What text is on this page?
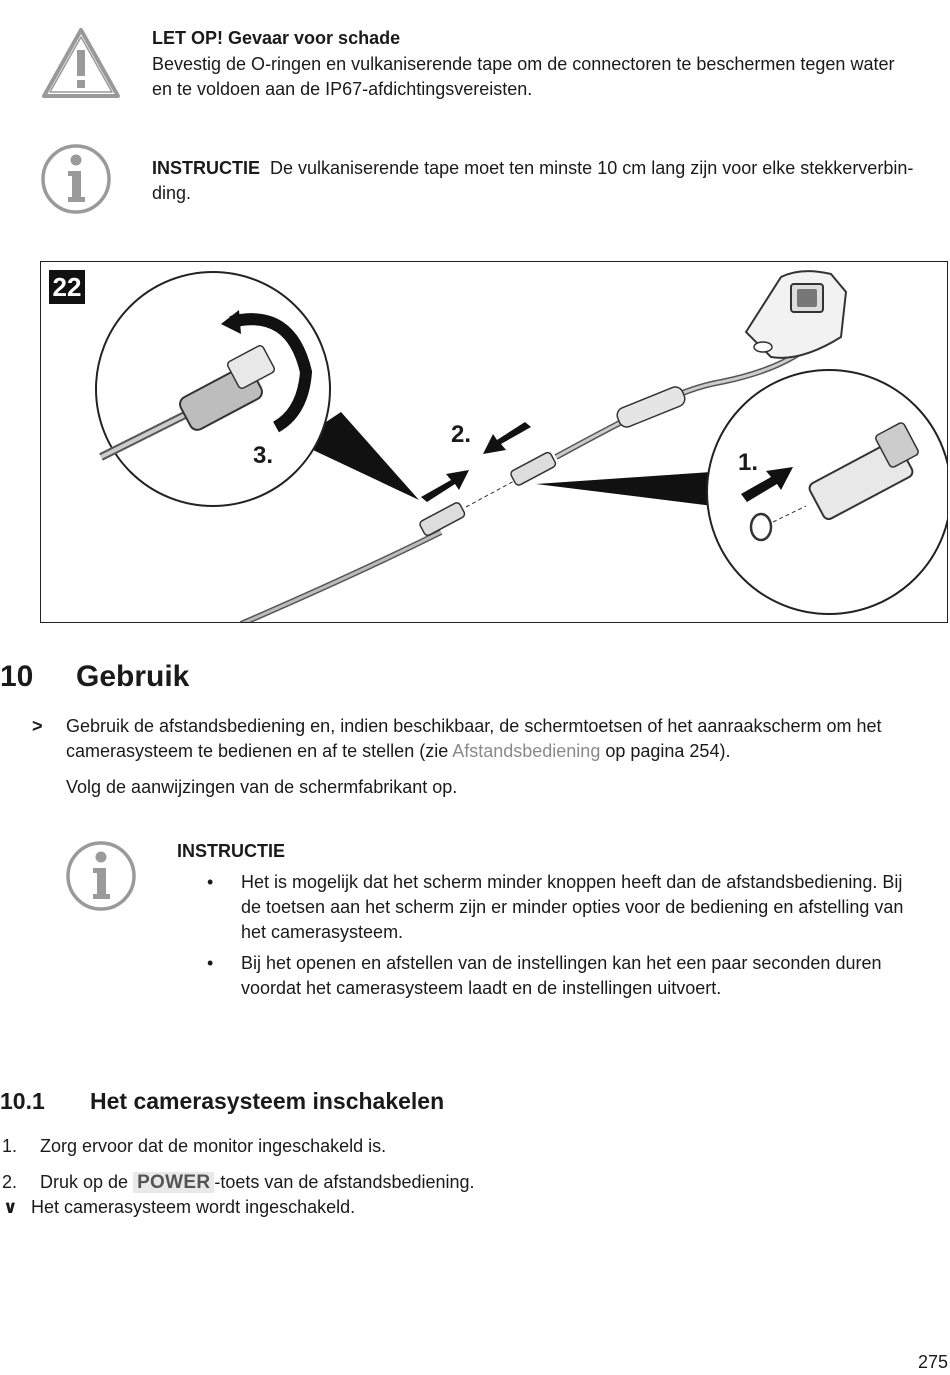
LET OP! Gevaar voor schade
Bevestig de O-ringen en vulkaniserende tape om de connectoren te beschermen tegen water
en te voldoen aan de IP67-afdichtingsvereisten.
INSTRUCTIE De vulkaniserende tape moet ten minste 10 cm lang zijn voor elke stekkerverbin-
ding.
22
3.
2.
1.
10 Gebruik
> Gebruik de afstandsbediening en, indien beschikbaar, de schermtoetsen of het aanraakscherm om het
camerasysteem te bedienen en af te stellen (zie Afstandsbediening op pagina 254).
Volg de aanwijzingen van de schermfabrikant op.
INSTRUCTIE
• Het is mogelijk dat het scherm minder knoppen heeft dan de afstandsbediening. Bij
de toetsen aan het scherm zijn er minder opties voor de bediening en afstelling van
het camerasysteem.
• Bij het openen en afstellen van de instellingen kan het een paar seconden duren
voordat het camerasysteem laadt en de instellingen uitvoert.
10.1 Het camerasysteem inschakelen
1. Zorg ervoor dat de monitor ingeschakeld is.
2. Druk op de POWER -toets van de afstandsbediening.
∨ Het camerasysteem wordt ingeschakeld.
275
